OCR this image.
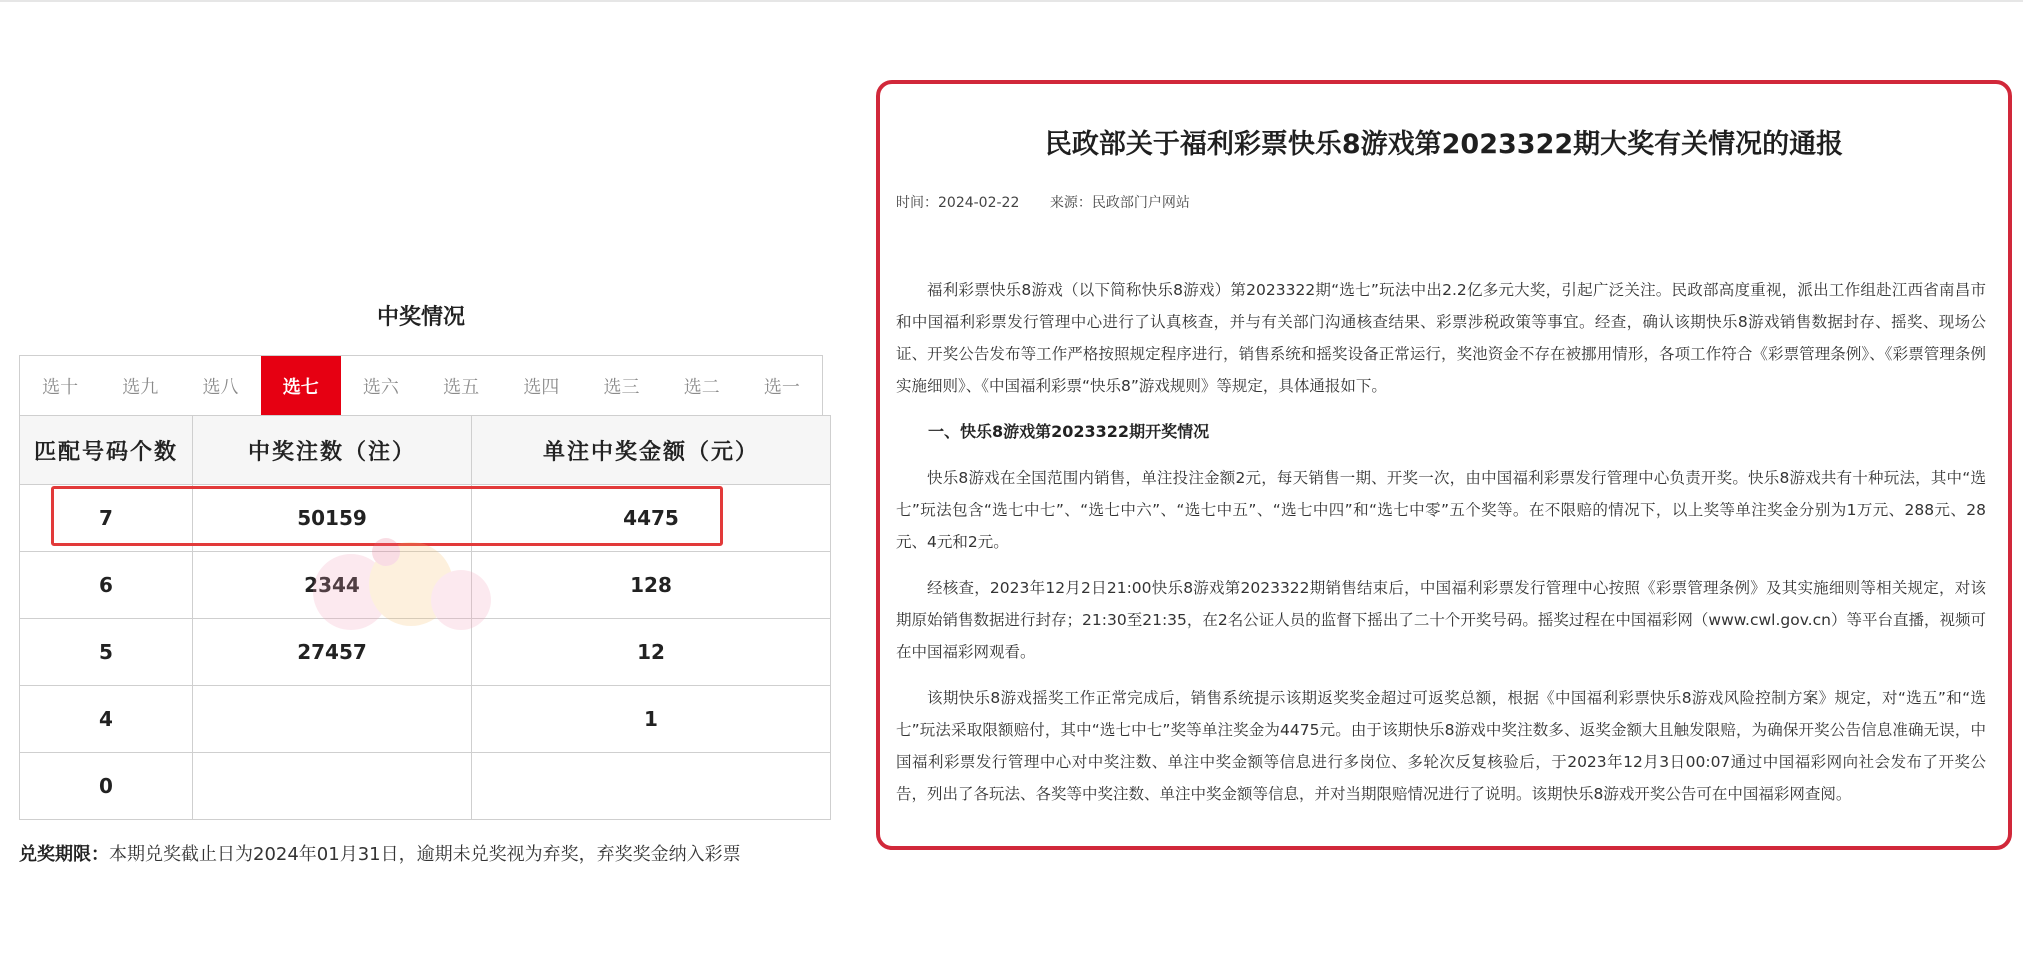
中奖情况
选十	选九	选八	选七	选六	选五	选四	选三	选二	选一
匹配号码个数	中奖注数（注）	单注中奖金额（元）
7	50159	4475
6	2344	128
5	27457	12
4		1
0		
兑奖期限：本期兑奖截止日为2024年01月31日，逾期未兑奖视为弃奖，弃奖奖金纳入彩票
民政部关于福利彩票快乐8游戏第2023322期大奖有关情况的通报
时间：2024-02-22 来源：民政部门户网站

福利彩票快乐8游戏（以下简称快乐8游戏）第2023322期“选七”玩法中出2.2亿多元大奖，引起广泛关注。民政部高度重视，派出工作组赴江西省南昌市和中国福利彩票发行管理中心进行了认真核查，并与有关部门沟通核查结果、彩票涉税政策等事宜。经查，确认该期快乐8游戏销售数据封存、摇奖、现场公证、开奖公告发布等工作严格按照规定程序进行，销售系统和摇奖设备正常运行，奖池资金不存在被挪用情形，各项工作符合《彩票管理条例》、《彩票管理条例实施细则》、《中国福利彩票“快乐8”游戏规则》等规定，具体通报如下。

一、快乐8游戏第2023322期开奖情况

快乐8游戏在全国范围内销售，单注投注金额2元，每天销售一期、开奖一次，由中国福利彩票发行管理中心负责开奖。快乐8游戏共有十种玩法，其中“选七”玩法包含“选七中七”、“选七中六”、“选七中五”、“选七中四”和“选七中零”五个奖等。在不限赔的情况下，以上奖等单注奖金分别为1万元、288元、28元、4元和2元。

经核查，2023年12月2日21:00快乐8游戏第2023322期销售结束后，中国福利彩票发行管理中心按照《彩票管理条例》及其实施细则等相关规定，对该期原始销售数据进行封存；21:30至21:35，在2名公证人员的监督下摇出了二十个开奖号码。摇奖过程在中国福彩网（www.cwl.gov.cn）等平台直播，视频可在中国福彩网观看。

该期快乐8游戏摇奖工作正常完成后，销售系统提示该期返奖奖金超过可返奖总额，根据《中国福利彩票快乐8游戏风险控制方案》规定，对“选五”和“选七”玩法采取限额赔付，其中“选七中七”奖等单注奖金为4475元。由于该期快乐8游戏中奖注数多、返奖金额大且触发限赔，为确保开奖公告信息准确无误，中国福利彩票发行管理中心对中奖注数、单注中奖金额等信息进行多岗位、多轮次反复核验后，于2023年12月3日00:07通过中国福彩网向社会发布了开奖公告，列出了各玩法、各奖等中奖注数、单注中奖金额等信息，并对当期限赔情况进行了说明。该期快乐8游戏开奖公告可在中国福彩网查阅。
